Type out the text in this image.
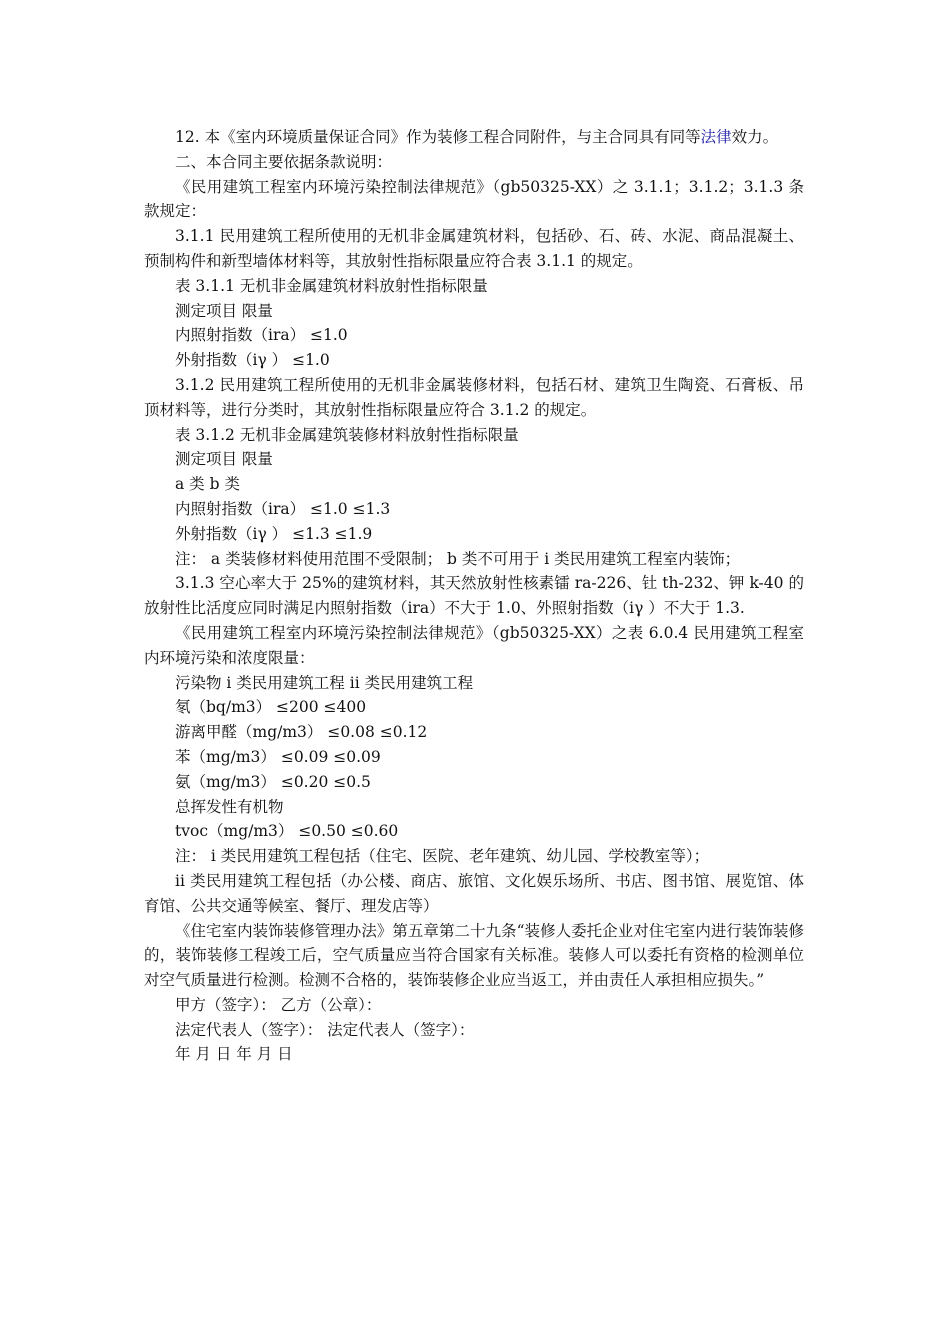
12. 本《室内环境质量保证合同》作为装修工程合同附件，与主合同具有同等法律效力。

二、本合同主要依据条款说明：

《民用建筑工程室内环境污染控制法律规范》（gb50325-XX）之 3.1.1；3.1.2；3.1.3 条款规定：

3.1.1 民用建筑工程所使用的无机非金属建筑材料，包括砂、石、砖、水泥、商品混凝土、预制构件和新型墙体材料等，其放射性指标限量应符合表 3.1.1 的规定。

表 3.1.1 无机非金属建筑材料放射性指标限量

测定项目 限量

内照射指数（ira） ≤1.0

外射指数（iγ ） ≤1.0

3.1.2 民用建筑工程所使用的无机非金属装修材料，包括石材、建筑卫生陶瓷、石膏板、吊顶材料等，进行分类时，其放射性指标限量应符合 3.1.2 的规定。

表 3.1.2 无机非金属建筑装修材料放射性指标限量

测定项目 限量

a 类 b 类

内照射指数（ira） ≤1.0 ≤1.3

外射指数（iγ ） ≤1.3 ≤1.9

注： a 类装修材料使用范围不受限制； b 类不可用于 i 类民用建筑工程室内装饰；

3.1.3 空心率大于 25%的建筑材料，其天然放射性核素镭 ra-226、钍 th-232、钾 k-40 的放射性比活度应同时满足内照射指数（ira）不大于 1.0、外照射指数（iγ ）不大于 1.3.

《民用建筑工程室内环境污染控制法律规范》（gb50325-XX）之表 6.0.4 民用建筑工程室内环境污染和浓度限量：

污染物 i 类民用建筑工程 ii 类民用建筑工程

氡（bq/m3） ≤200 ≤400

游离甲醛（mg/m3） ≤0.08 ≤0.12

苯（mg/m3） ≤0.09 ≤0.09

氨（mg/m3） ≤0.20 ≤0.5

总挥发性有机物

tvoc（mg/m3） ≤0.50 ≤0.60

注： i 类民用建筑工程包括（住宅、医院、老年建筑、幼儿园、学校教室等）；

ii 类民用建筑工程包括（办公楼、商店、旅馆、文化娱乐场所、书店、图书馆、展览馆、体育馆、公共交通等候室、餐厅、理发店等）

《住宅室内装饰装修管理办法》第五章第二十九条“装修人委托企业对住宅室内进行装饰装修的，装饰装修工程竣工后，空气质量应当符合国家有关标准。装修人可以委托有资格的检测单位对空气质量进行检测。检测不合格的，装饰装修企业应当返工，并由责任人承担相应损失。”

甲方（签字）： 乙方（公章）：

法定代表人（签字）： 法定代表人（签字）：

年 月 日 年 月 日
